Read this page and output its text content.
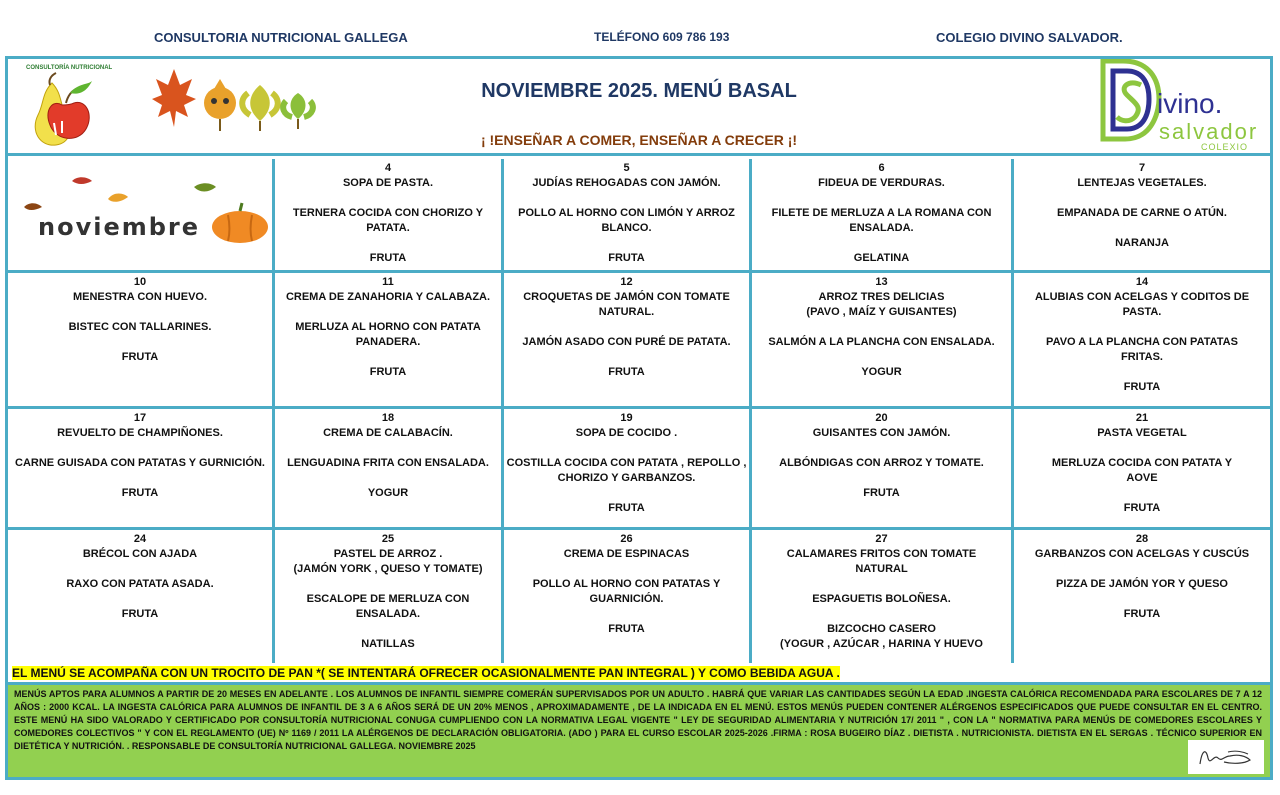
CONSULTORIA NUTRICIONAL GALLEGA	TELÉFONO 609 786 193	COLEGIO DIVINO SALVADOR.
CONSULTORÍA NUTRICIONAL
NOVIEMBRE 2025. MENÚ BASAL
¡ !ENSEÑAR A COMER, ENSEÑAR A CRECER ¡!
ivino.
salvador
COLEXIO
noviembre
4
SOPA DE PASTA.
TERNERA COCIDA CON CHORIZO Y
PATATA.
FRUTA
5
JUDÍAS REHOGADAS CON JAMÓN.
POLLO AL HORNO CON LIMÓN Y ARROZ
BLANCO.
FRUTA
6
FIDEUA DE VERDURAS.
FILETE DE MERLUZA A LA ROMANA CON
ENSALADA.
GELATINA
7
LENTEJAS VEGETALES.
EMPANADA DE CARNE O ATÚN.
NARANJA
10
MENESTRA CON HUEVO.
BISTEC CON TALLARINES.
FRUTA
11
CREMA DE ZANAHORIA Y CALABAZA.
MERLUZA AL HORNO CON PATATA
PANADERA.
FRUTA
12
CROQUETAS DE JAMÓN CON TOMATE
NATURAL.
JAMÓN ASADO CON PURÉ DE PATATA.
FRUTA
13
ARROZ TRES DELICIAS
(PAVO , MAÍZ Y GUISANTES)
SALMÓN A LA PLANCHA CON ENSALADA.
YOGUR
14
ALUBIAS CON ACELGAS Y CODITOS DE
PASTA.
PAVO A LA PLANCHA CON PATATAS
FRITAS.
FRUTA
17
REVUELTO DE CHAMPIÑONES.
CARNE GUISADA CON PATATAS Y GURNICIÓN.
FRUTA
18
CREMA DE CALABACÍN.
LENGUADINA FRITA CON ENSALADA.
YOGUR
19
SOPA DE COCIDO .
COSTILLA COCIDA CON PATATA , REPOLLO ,
CHORIZO Y GARBANZOS.
FRUTA
20
GUISANTES CON JAMÓN.
ALBÓNDIGAS CON ARROZ Y TOMATE.
FRUTA
21
PASTA VEGETAL
MERLUZA COCIDA CON PATATA Y
AOVE
FRUTA
24
BRÉCOL CON AJADA
RAXO CON PATATA ASADA.
FRUTA
25
PASTEL DE ARROZ .
(JAMÓN YORK , QUESO Y TOMATE)
ESCALOPE DE MERLUZA CON
ENSALADA.
NATILLAS
26
CREMA DE ESPINACAS
POLLO AL HORNO CON PATATAS Y
GUARNICIÓN.
FRUTA
27
CALAMARES FRITOS CON TOMATE
NATURAL
ESPAGUETIS BOLOÑESA.
BIZCOCHO CASERO
(YOGUR , AZÚCAR , HARINA Y HUEVO
28
GARBANZOS CON ACELGAS Y CUSCÚS
PIZZA DE JAMÓN YOR Y QUESO
FRUTA
EL MENÚ SE ACOMPAÑA CON UN TROCITO DE PAN *( SE INTENTARÁ OFRECER OCASIONALMENTE PAN INTEGRAL ) Y COMO BEBIDA AGUA .

MENÚS APTOS PARA ALUMNOS A PARTIR DE 20 MESES EN ADELANTE . LOS ALUMNOS DE INFANTIL SIEMPRE COMERÁN SUPERVISADOS POR UN ADULTO . HABRÁ QUE VARIAR LAS CANTIDADES SEGÚN LA EDAD .INGESTA CALÓRICA RECOMENDADA PARA ESCOLARES DE 7 A 12 AÑOS : 2000 KCAL. LA INGESTA CALÓRICA PARA ALUMNOS DE INFANTIL DE 3 A 6 AÑOS SERÁ DE UN 20% MENOS , APROXIMADAMENTE , DE LA INDICADA EN EL MENÚ. ESTOS MENÚS PUEDEN CONTENER ALÉRGENOS ESPECIFICADOS QUE PUEDE CONSULTAR EN EL CENTRO. ESTE MENÚ HA SIDO VALORADO Y CERTIFICADO POR CONSULTORÍA NUTRICIONAL CONUGA CUMPLIENDO CON LA NORMATIVA LEGAL VIGENTE " LEY DE SEGURIDAD ALIMENTARIA Y NUTRICIÓN 17/ 2011 " , CON LA " NORMATIVA PARA MENÚS DE COMEDORES ESCOLARES Y COMEDORES COLECTIVOS " Y CON EL REGLAMENTO (UE) Nº 1169 / 2011 LA ALÉRGENOS DE DECLARACIÓN OBLIGATORIA. (ADO ) PARA EL CURSO ESCOLAR 2025-2026 .FIRMA : ROSA BUGEIRO DÍAZ . DIETISTA . NUTRICIONISTA. DIETISTA EN EL SERGAS . TÉCNICO SUPERIOR EN DIETÉTICA Y NUTRICIÓN. . RESPONSABLE DE CONSULTORÍA NUTRICIONAL GALLEGA. NOVIEMBRE 2025
